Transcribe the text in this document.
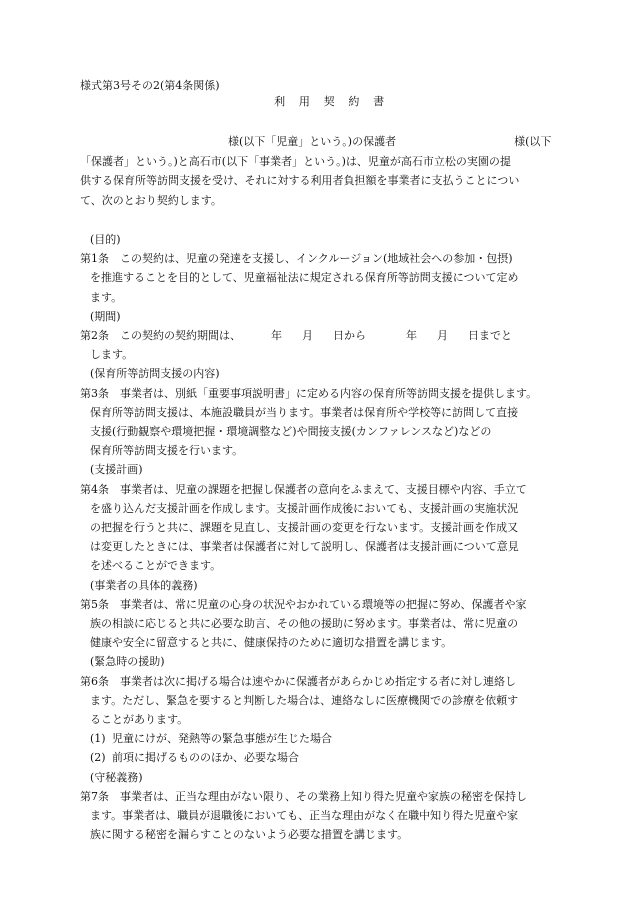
様式第3号その2(第4条関係)
利用契約書
様(以下「児童」という。)の保護者	様(以下
「保護者」という。)と高石市(以下「事業者」という。)は、児童が高石市立松の実園の提
供する保育所等訪問支援を受け、それに対する利用者負担額を事業者に支払うことについ
て、次のとおり契約します。
(目的)
第1条 この契約は、児童の発達を支援し、インクルージョン(地域社会への参加・包摂)
を推進することを目的として、児童福祉法に規定される保育所等訪問支援について定め
ます。
(期間)
第2条 この契約の契約期間は、	年 月 日から	年 月 日までと
します。
(保育所等訪問支援の内容)
第3条 事業者は、別紙「重要事項説明書」に定める内容の保育所等訪問支援を提供します。
保育所等訪問支援は、本施設職員が当ります。事業者は保育所や学校等に訪問して直接
支援(行動観察や環境把握・環境調整など)や間接支援(カンファレンスなど)などの
保育所等訪問支援を行います。
(支援計画)
第4条 事業者は、児童の課題を把握し保護者の意向をふまえて、支援目標や内容、手立て
を盛り込んだ支援計画を作成します。支援計画作成後においても、支援計画の実施状況
の把握を行うと共に、課題を見直し、支援計画の変更を行ないます。支援計画を作成又
は変更したときには、事業者は保護者に対して説明し、保護者は支援計画について意見
を述べることができます。
(事業者の具体的義務)
第5条 事業者は、常に児童の心身の状況やおかれている環境等の把握に努め、保護者や家
族の相談に応じると共に必要な助言、その他の援助に努めます。事業者は、常に児童の
健康や安全に留意すると共に、健康保持のために適切な措置を講じます。
(緊急時の援助)
第6条 事業者は次に掲げる場合は速やかに保護者があらかじめ指定する者に対し連絡し
ます。ただし、緊急を要すると判断した場合は、連絡なしに医療機関での診療を依頼す
ることがあります。
(1) 児童にけが、発熱等の緊急事態が生じた場合
(2) 前項に掲げるもののほか、必要な場合
(守秘義務)
第7条 事業者は、正当な理由がない限り、その業務上知り得た児童や家族の秘密を保持し
ます。事業者は、職員が退職後においても、正当な理由がなく在職中知り得た児童や家
族に関する秘密を漏らすことのないよう必要な措置を講じます。
